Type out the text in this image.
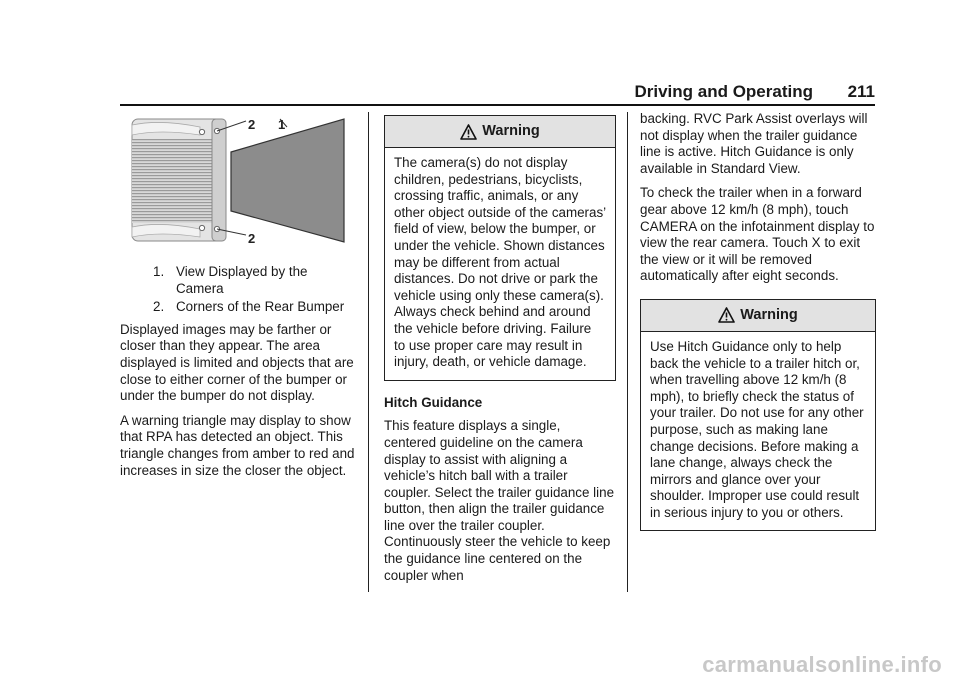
Driving and Operating 211
2 1
2
1. View Displayed by the Camera
2. Corners of the Rear Bumper

Displayed images may be farther or closer than they appear. The area displayed is limited and objects that are close to either corner of the bumper or under the bumper do not display.

A warning triangle may display to show that RPA has detected an object. This triangle changes from amber to red and increases in size the closer the object.

Warning
The camera(s) do not display children, pedestrians, bicyclists, crossing traffic, animals, or any other object outside of the cameras’ field of view, below the bumper, or under the vehicle. Shown distances may be different from actual distances. Do not drive or park the vehicle using only these camera(s). Always check behind and around the vehicle before driving. Failure to use proper care may result in injury, death, or vehicle damage.
Hitch Guidance

This feature displays a single, centered guideline on the camera display to assist with aligning a vehicle’s hitch ball with a trailer coupler. Select the trailer guidance line button, then align the trailer guidance line over the trailer coupler. Continuously steer the vehicle to keep the guidance line centered on the coupler when

backing. RVC Park Assist overlays will not display when the trailer guidance line is active. Hitch Guidance is only available in Standard View.

To check the trailer when in a forward gear above 12 km/h (8 mph), touch CAMERA on the infotainment display to view the rear camera. Touch X to exit the view or it will be removed automatically after eight seconds.

Warning
Use Hitch Guidance only to help back the vehicle to a trailer hitch or, when travelling above 12 km/h (8 mph), to briefly check the status of your trailer. Do not use for any other purpose, such as making lane change decisions. Before making a lane change, always check the mirrors and glance over your shoulder. Improper use could result in serious injury to you or others.
carmanualsonline.info
